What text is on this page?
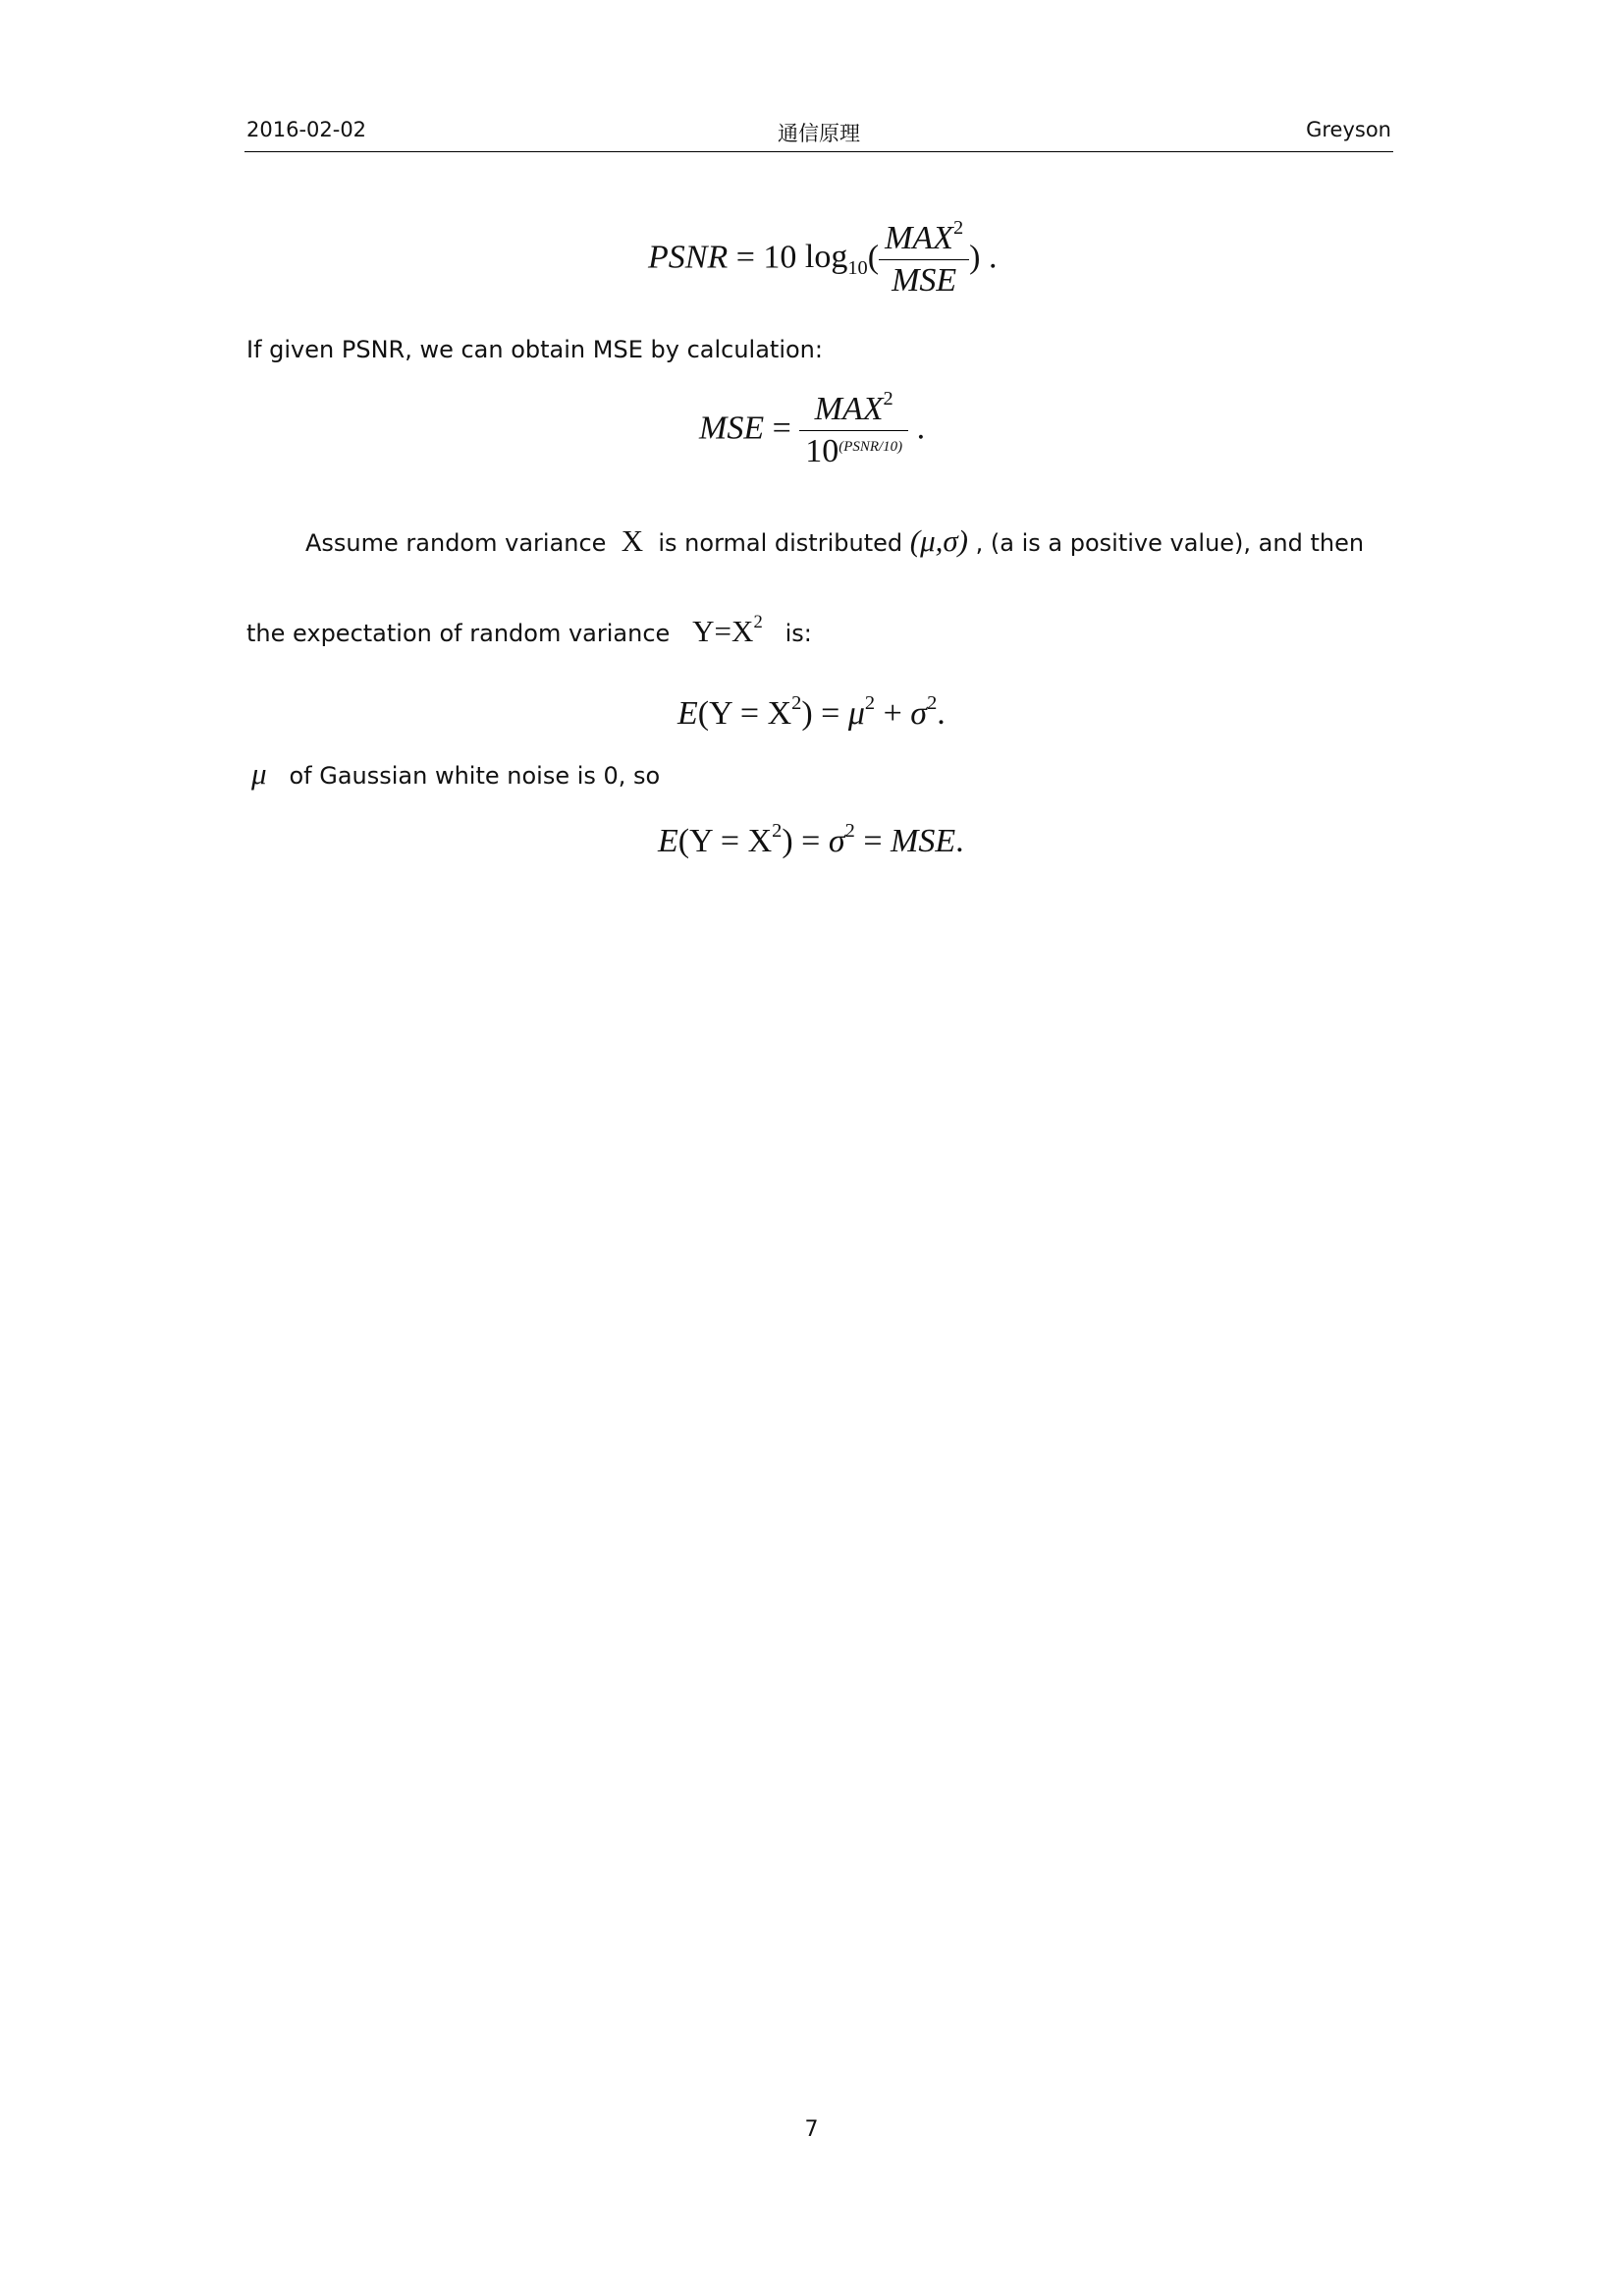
2016-02-02	通信原理	Greyson
PSNR = 10 $\log_{10}( \frac{MAX^2}{\text{MSE}}$ ) .
If given PSNR, we can obtain MSE by calculation:
MSE = $\frac{MAX^2}{10^{(PSNR/10)}}$ .
Assume random variance X is normal distributed (μ,σ) , (a is a positive value), and then
the expectation of random variance $Y=X^2$ is:
$E(Y = X^2) = \mu^2 + \sigma^2$.
μ of Gaussian white noise is 0, so
$E(Y = X^2) = \sigma^2$ = MSE.
7
